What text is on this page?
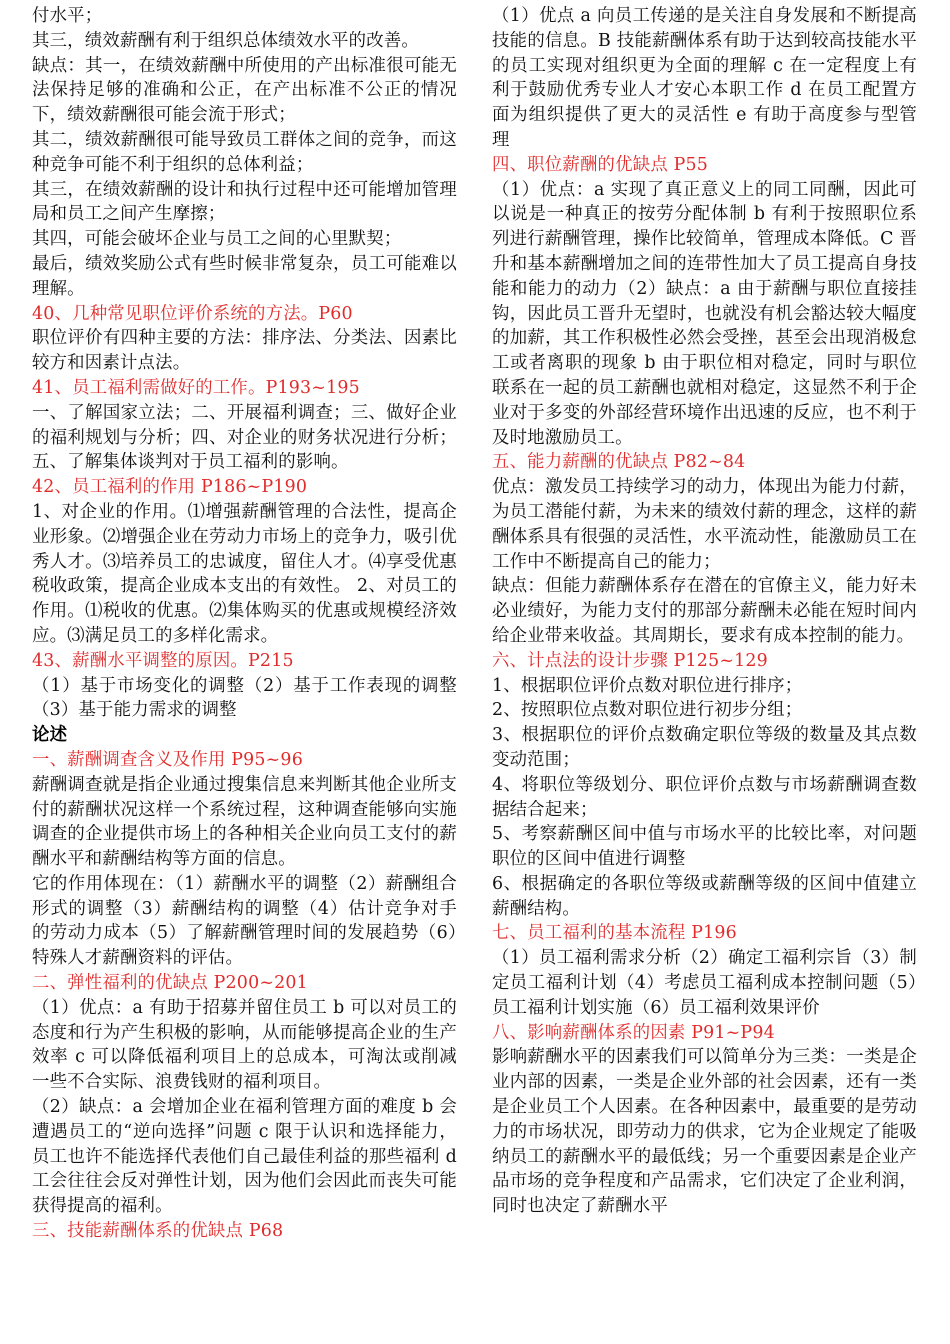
付水平；

其三，绩效薪酬有利于组织总体绩效水平的改善。

缺点：其一，在绩效薪酬中所使用的产出标准很可能无法保持足够的准确和公正，在产出标准不公正的情况下，绩效薪酬很可能会流于形式；

其二，绩效薪酬很可能导致员工群体之间的竞争，而这种竞争可能不利于组织的总体利益；

其三，在绩效薪酬的设计和执行过程中还可能增加管理局和员工之间产生摩擦；

其四，可能会破坏企业与员工之间的心里默契；

最后，绩效奖励公式有些时候非常复杂，员工可能难以理解。

40、几种常见职位评价系统的方法。P60

职位评价有四种主要的方法：排序法、分类法、因素比较方和因素计点法。

41、员工福利需做好的工作。P193~195

一、了解国家立法；二、开展福利调查；三、做好企业的福利规划与分析；四、对企业的财务状况进行分析；五、了解集体谈判对于员工福利的影响。

42、员工福利的作用 P186~P190

1、对企业的作用。⑴增强薪酬管理的合法性，提高企业形象。⑵增强企业在劳动力市场上的竞争力，吸引优秀人才。⑶培养员工的忠诚度，留住人才。⑷享受优惠税收政策，提高企业成本支出的有效性。 2、对员工的作用。⑴税收的优惠。⑵集体购买的优惠或规模经济效应。⑶满足员工的多样化需求。

43、薪酬水平调整的原因。P215

（1）基于市场变化的调整（2）基于工作表现的调整（3）基于能力需求的调整

论述

一、薪酬调查含义及作用 P95~96

薪酬调查就是指企业通过搜集信息来判断其他企业所支付的薪酬状况这样一个系统过程，这种调查能够向实施调查的企业提供市场上的各种相关企业向员工支付的薪酬水平和薪酬结构等方面的信息。

它的作用体现在：（1）薪酬水平的调整（2）薪酬组合形式的调整（3）薪酬结构的调整（4）估计竞争对手的劳动力成本（5）了解薪酬管理时间的发展趋势（6）特殊人才薪酬资料的评估。

二、弹性福利的优缺点 P200~201

（1）优点：a 有助于招募并留住员工 b 可以对员工的态度和行为产生积极的影响，从而能够提高企业的生产效率 c 可以降低福利项目上的总成本，可淘汰或削减一些不合实际、浪费钱财的福利项目。

（2）缺点：a 会增加企业在福利管理方面的难度 b 会遭遇员工的“逆向选择”问题 c 限于认识和选择能力，员工也许不能选择代表他们自己最佳利益的那些福利 d 工会往往会反对弹性计划，因为他们会因此而丧失可能获得提高的福利。

三、技能薪酬体系的优缺点 P68

（1）优点 a 向员工传递的是关注自身发展和不断提高技能的信息。B 技能薪酬体系有助于达到较高技能水平的员工实现对组织更为全面的理解 c 在一定程度上有利于鼓励优秀专业人才安心本职工作 d 在员工配置方面为组织提供了更大的灵活性 e 有助于高度参与型管理

四、职位薪酬的优缺点 P55

（1）优点：a 实现了真正意义上的同工同酬，因此可以说是一种真正的按劳分配体制 b 有利于按照职位系列进行薪酬管理，操作比较简单，管理成本降低。C 晋升和基本薪酬增加之间的连带性加大了员工提高自身技能和能力的动力（2）缺点：a 由于薪酬与职位直接挂钩，因此员工晋升无望时，也就没有机会豁达较大幅度的加薪，其工作积极性必然会受挫，甚至会出现消极怠工或者离职的现象 b 由于职位相对稳定，同时与职位联系在一起的员工薪酬也就相对稳定，这显然不利于企业对于多变的外部经营环境作出迅速的反应，也不利于及时地激励员工。

五、能力薪酬的优缺点 P82~84

优点：激发员工持续学习的动力，体现出为能力付薪，为员工潜能付薪，为未来的绩效付薪的理念，这样的薪酬体系具有很强的灵活性，水平流动性，能激励员工在工作中不断提高自己的能力；

缺点：但能力薪酬体系存在潜在的官僚主义，能力好未必业绩好，为能力支付的那部分薪酬未必能在短时间内给企业带来收益。其周期长，要求有成本控制的能力。

六、计点法的设计步骤 P125~129

1、根据职位评价点数对职位进行排序；

2、按照职位点数对职位进行初步分组；

3、根据职位的评价点数确定职位等级的数量及其点数变动范围；

4、将职位等级划分、职位评价点数与市场薪酬调查数据结合起来；

5、考察薪酬区间中值与市场水平的比较比率，对问题职位的区间中值进行调整

6、根据确定的各职位等级或薪酬等级的区间中值建立薪酬结构。

七、员工福利的基本流程 P196

（1）员工福利需求分析（2）确定工福利宗旨（3）制定员工福利计划（4）考虑员工福利成本控制问题（5）员工福利计划实施（6）员工福利效果评价

八、影响薪酬体系的因素 P91~P94

影响薪酬水平的因素我们可以简单分为三类：一类是企业内部的因素，一类是企业外部的社会因素，还有一类是企业员工个人因素。在各种因素中，最重要的是劳动力的市场状况，即劳动力的供求，它为企业规定了能吸纳员工的薪酬水平的最低线；另一个重要因素是企业产品市场的竞争程度和产品需求，它们决定了企业利润，同时也决定了薪酬水平
